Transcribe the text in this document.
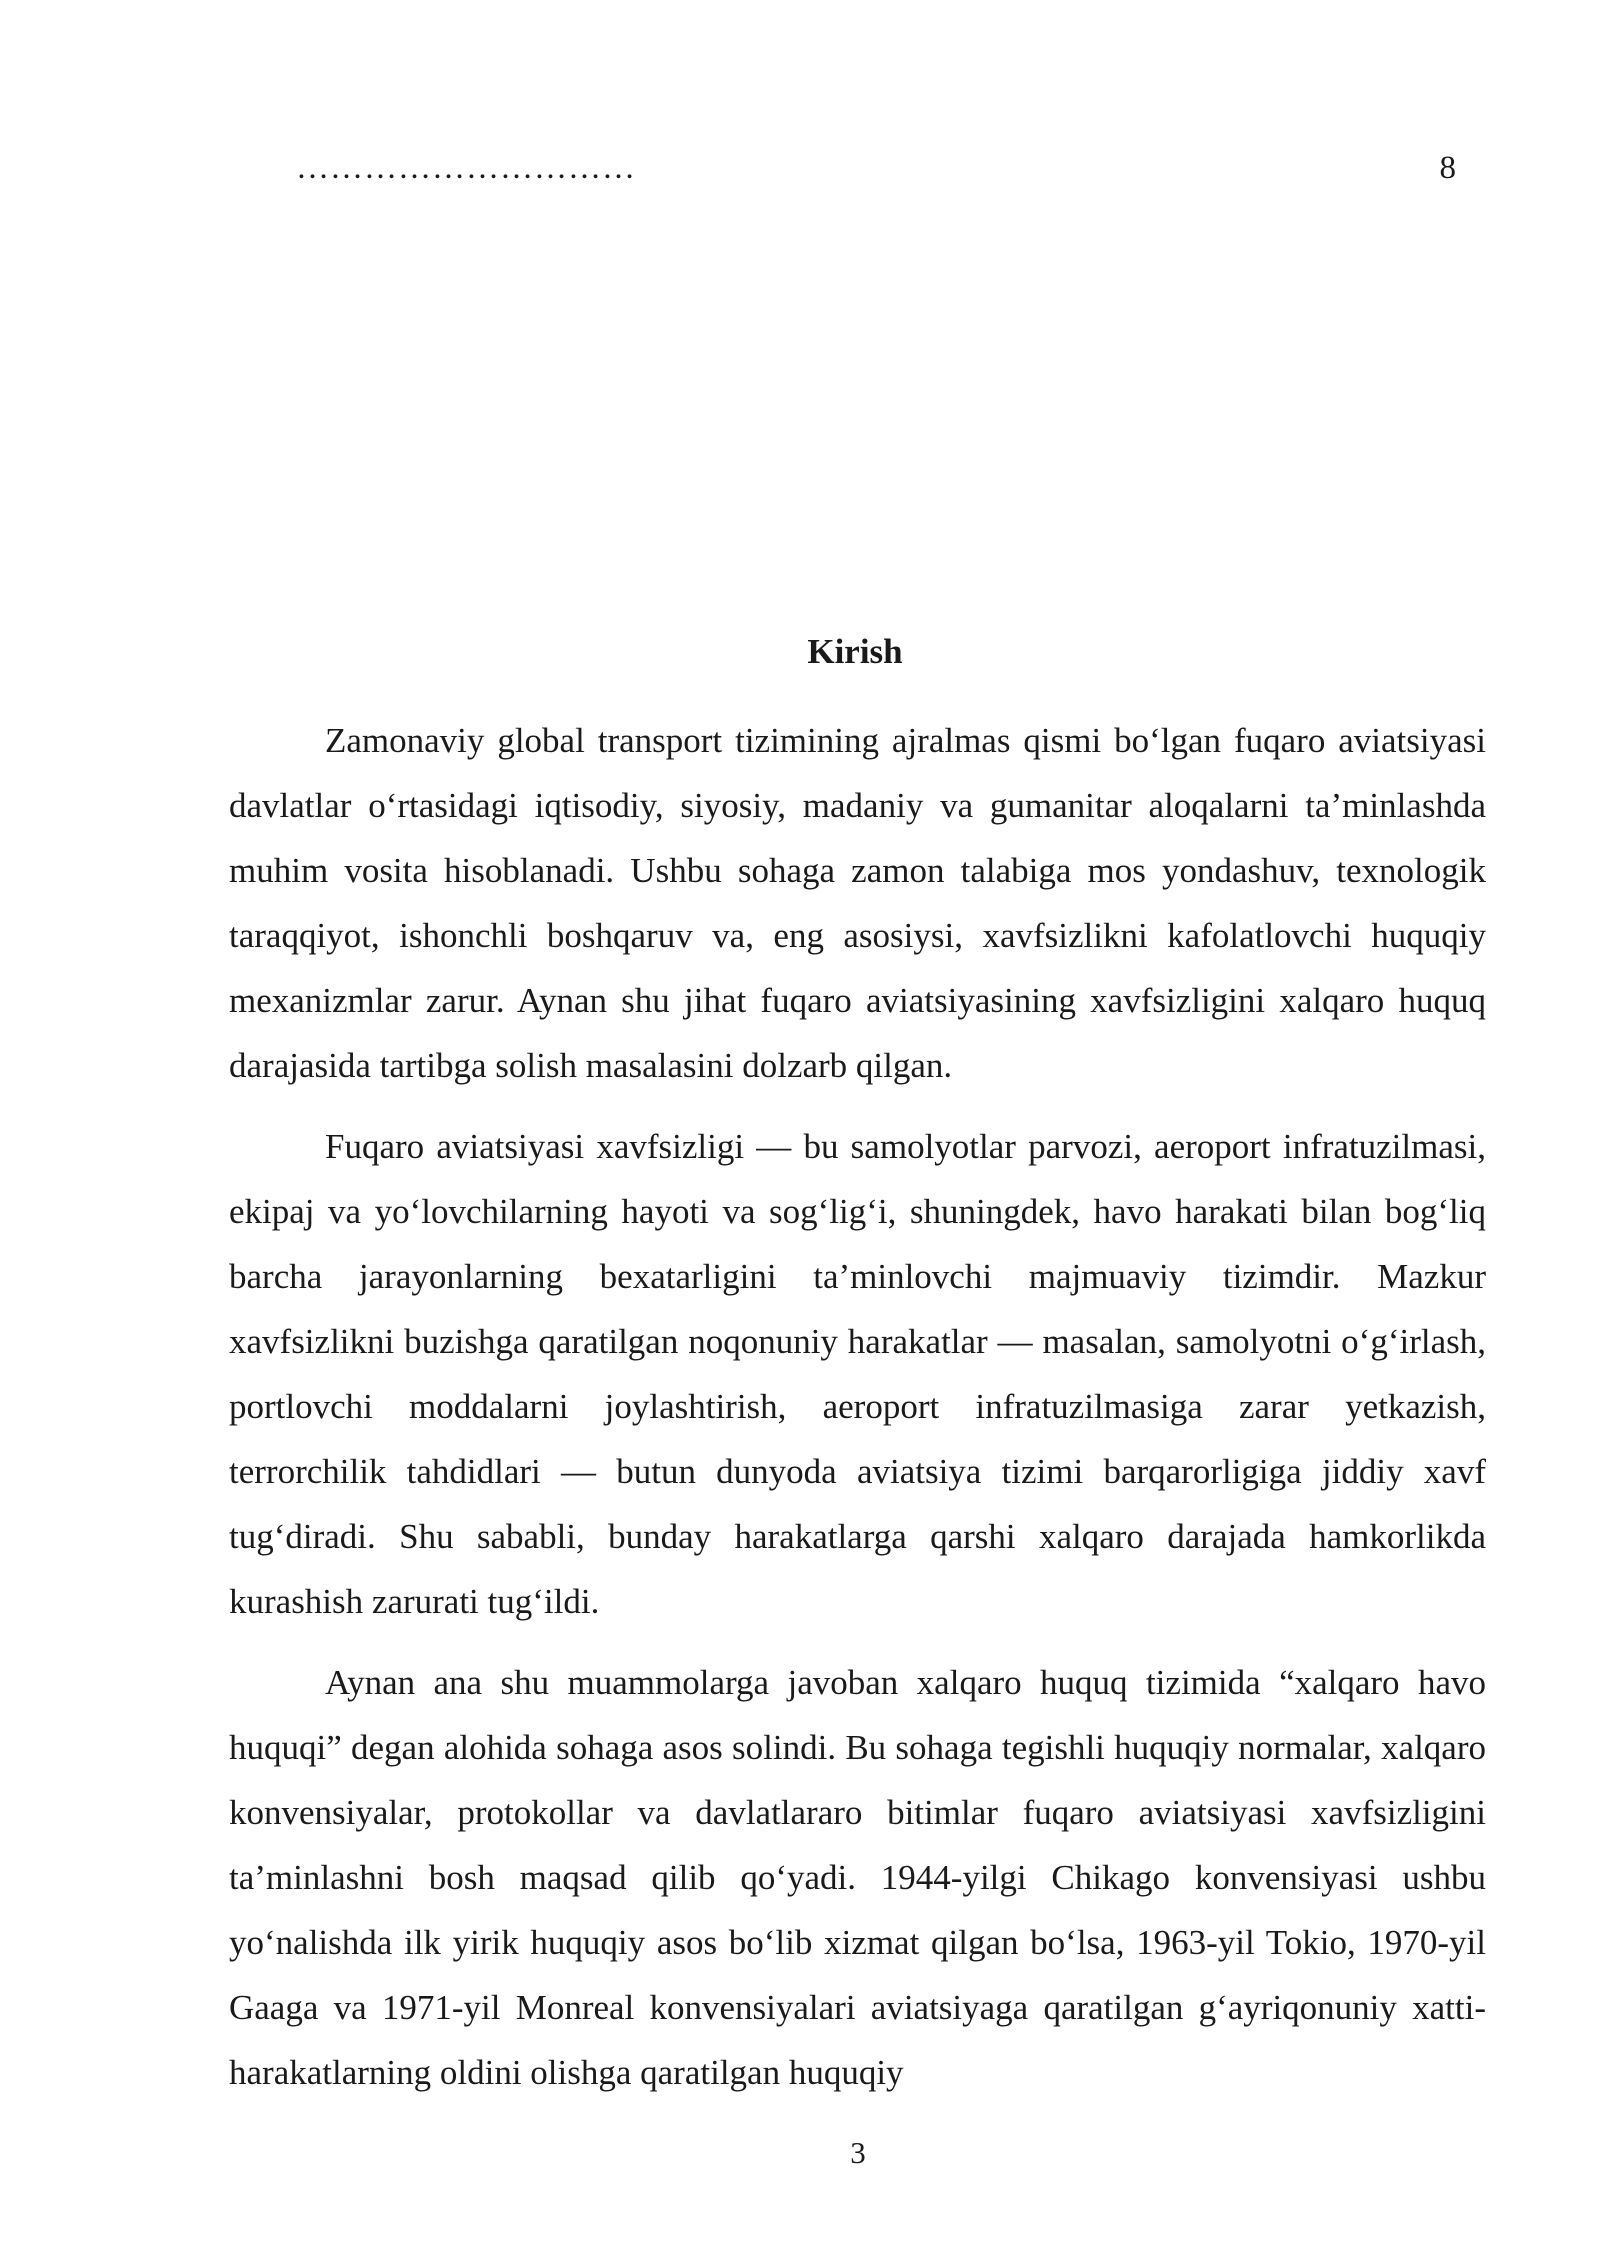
…………………………	8
Kirish

Zamonaviy global transport tizimining ajralmas qismi bo‘lgan fuqaro aviatsiyasi davlatlar o‘rtasidagi iqtisodiy, siyosiy, madaniy va gumanitar aloqalarni ta’minlashda muhim vosita hisoblanadi. Ushbu sohaga zamon talabiga mos yondashuv, texnologik taraqqiyot, ishonchli boshqaruv va, eng asosiysi, xavfsizlikni kafolatlovchi huquqiy mexanizmlar zarur. Aynan shu jihat fuqaro aviatsiyasining xavfsizligini xalqaro huquq darajasida tartibga solish masalasini dolzarb qilgan.

Fuqaro aviatsiyasi xavfsizligi — bu samolyotlar parvozi, aeroport infratuzilmasi, ekipaj va yo‘lovchilarning hayoti va sog‘lig‘i, shuningdek, havo harakati bilan bog‘liq barcha jarayonlarning bexatarligini ta’minlovchi majmuaviy tizimdir. Mazkur xavfsizlikni buzishga qaratilgan noqonuniy harakatlar — masalan, samolyotni o‘g‘irlash, portlovchi moddalarni joylashtirish, aeroport infratuzilmasiga zarar yetkazish, terrorchilik tahdidlari — butun dunyoda aviatsiya tizimi barqarorligiga jiddiy xavf tug‘diradi. Shu sababli, bunday harakatlarga qarshi xalqaro darajada hamkorlikda kurashish zarurati tug‘ildi.

Aynan ana shu muammolarga javoban xalqaro huquq tizimida “xalqaro havo huquqi” degan alohida sohaga asos solindi. Bu sohaga tegishli huquqiy normalar, xalqaro konvensiyalar, protokollar va davlatlararo bitimlar fuqaro aviatsiyasi xavfsizligini ta’minlashni bosh maqsad qilib qo‘yadi. 1944-yilgi Chikago konvensiyasi ushbu yo‘nalishda ilk yirik huquqiy asos bo‘lib xizmat qilgan bo‘lsa, 1963-yil Tokio, 1970-yil Gaaga va 1971-yil Monreal konvensiyalari aviatsiyaga qaratilgan g‘ayriqonuniy xatti-harakatlarning oldini olishga qaratilgan huquqiy

3
